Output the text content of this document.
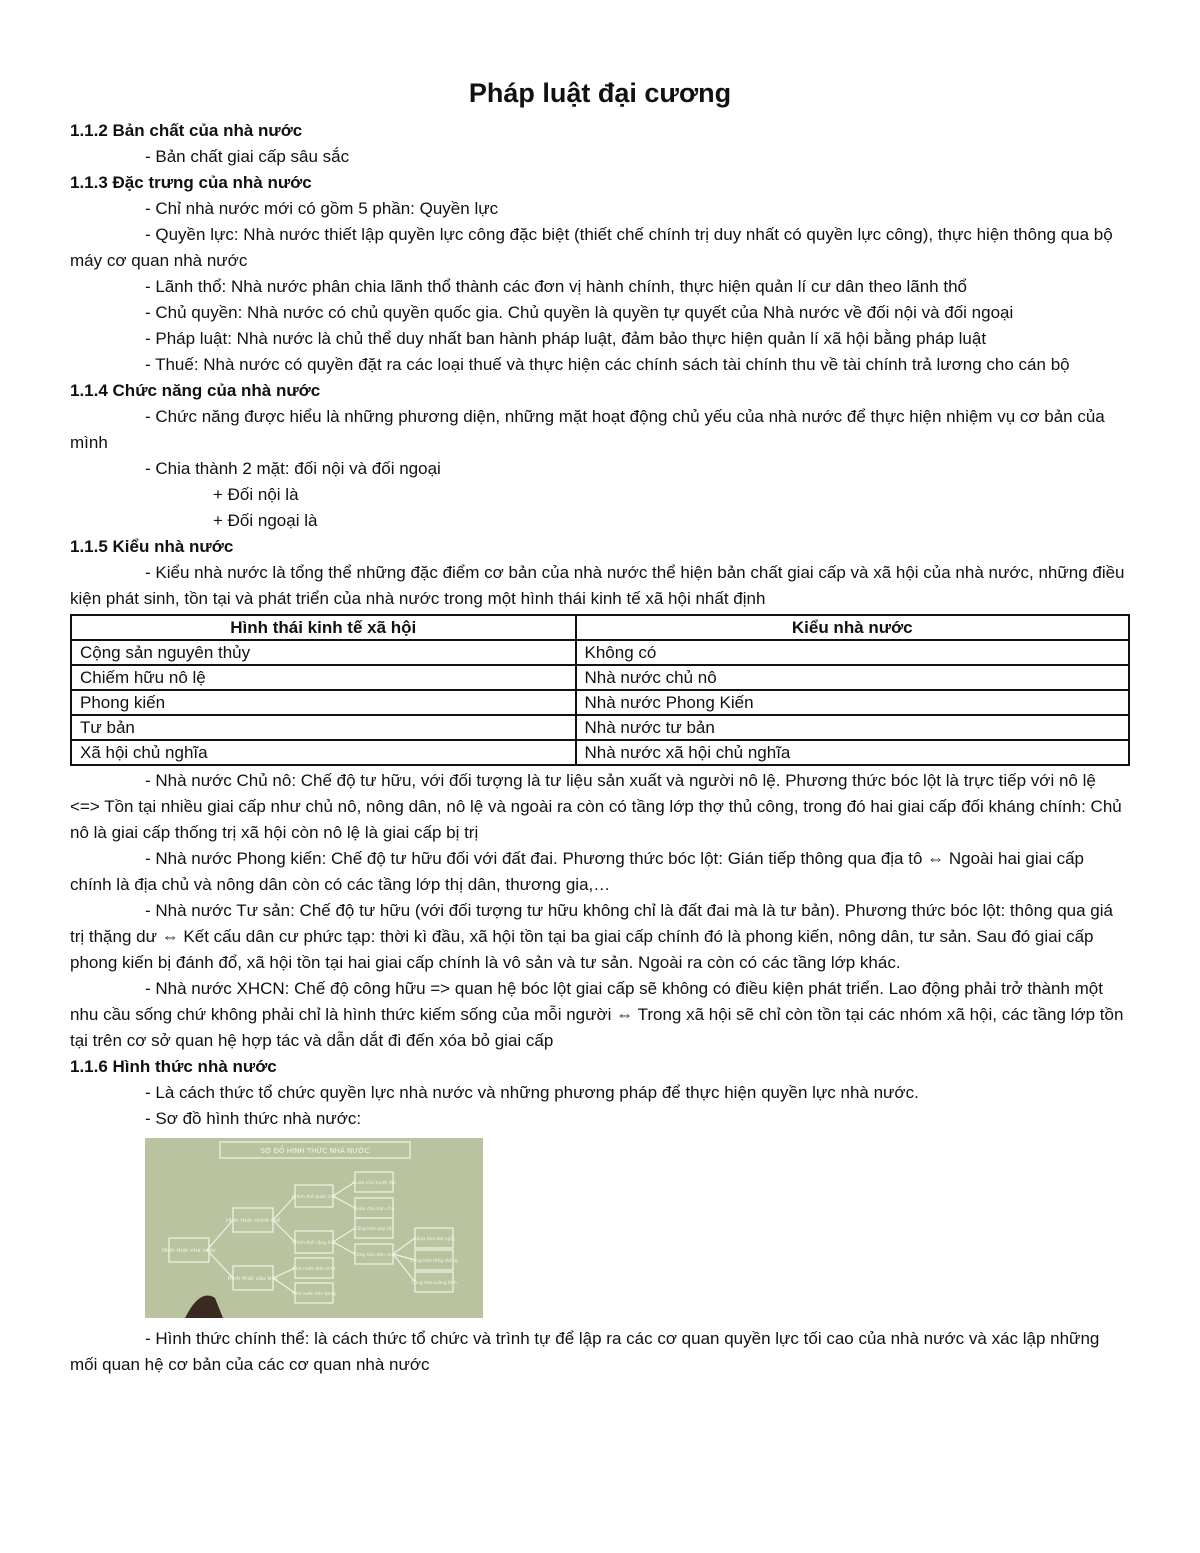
Pháp luật đại cương
1.1.2 Bản chất của nhà nước
- Bản chất giai cấp sâu sắc
1.1.3 Đặc trưng của nhà nước
- Chỉ nhà nước mới có gồm 5 phần: Quyền lực
- Quyền lực: Nhà nước thiết lập quyền lực công đặc biệt (thiết chế chính trị duy nhất có quyền lực công), thực hiện thông qua bộ máy cơ quan nhà nước
- Lãnh thổ: Nhà nước phân chia lãnh thổ thành các đơn vị hành chính, thực hiện quản lí cư dân theo lãnh thổ
- Chủ quyền: Nhà nước có chủ quyền quốc gia. Chủ quyền là quyền tự quyết của Nhà nước về đối nội và đối ngoại
- Pháp luật: Nhà nước là chủ thể duy nhất ban hành pháp luật, đảm bảo thực hiện quản lí xã hội bằng pháp luật
- Thuế: Nhà nước có quyền đặt ra các loại thuế và thực hiện các chính sách tài chính thu về tài chính trả lương cho cán bộ
1.1.4 Chức năng của nhà nước
- Chức năng được hiểu là những phương diện, những mặt hoạt động chủ yếu của nhà nước để thực hiện nhiệm vụ cơ bản của mình
- Chia thành 2 mặt: đối nội và đối ngoại
+ Đối nội là
+ Đối ngoại là
1.1.5 Kiểu nhà nước
- Kiểu nhà nước là tổng thể những đặc điểm cơ bản của nhà nước thể hiện bản chất giai cấp và xã hội của nhà nước, những điều kiện phát sinh, tồn tại và phát triển của nhà nước trong một hình thái kinh tế xã hội nhất định
Hình thái kinh tế xã hội	Kiểu nhà nước
Cộng sản nguyên thủy	Không có
Chiếm hữu nô lệ	Nhà nước chủ nô
Phong kiến	Nhà nước Phong Kiến
Tư bản	Nhà nước tư bản
Xã hội chủ nghĩa	Nhà nước xã hội chủ nghĩa
- Nhà nước Chủ nô: Chế độ tư hữu, với đối tượng là tư liệu sản xuất và người nô lệ. Phương thức bóc lột là trực tiếp với nô lệ <=> Tồn tại nhiều giai cấp như chủ nô, nông dân, nô lệ và ngoài ra còn có tầng lớp thợ thủ công, trong đó hai giai cấp đối kháng chính: Chủ nô là giai cấp thống trị xã hội còn nô lệ là giai cấp bị trị
- Nhà nước Phong kiến: Chế độ tư hữu đối với đất đai. Phương thức bóc lột: Gián tiếp thông qua địa tô ⇔ Ngoài hai giai cấp chính là địa chủ và nông dân còn có các tầng lớp thị dân, thương gia,…
- Nhà nước Tư sản: Chế độ tư hữu (với đối tượng tư hữu không chỉ là đất đai mà là tư bản). Phương thức bóc lột: thông qua giá trị thặng dư ⇔ Kết cấu dân cư phức tạp: thời kì đầu, xã hội tồn tại ba giai cấp chính đó là phong kiến, nông dân, tư sản. Sau đó giai cấp phong kiến bị đánh đổ, xã hội tồn tại hai giai cấp chính là vô sản và tư sản. Ngoài ra còn có các tầng lớp khác.
- Nhà nước XHCN: Chế độ công hữu => quan hệ bóc lột giai cấp sẽ không có điều kiện phát triển. Lao động phải trở thành một nhu cầu sống chứ không phải chỉ là hình thức kiếm sống của mỗi người ⇔ Trong xã hội sẽ chỉ còn tồn tại các nhóm xã hội, các tầng lớp tồn tại trên cơ sở quan hệ hợp tác và dẫn dắt đi đến xóa bỏ giai cấp
1.1.6 Hình thức nhà nước
- Là cách thức tổ chức quyền lực nhà nước và những phương pháp để thực hiện quyền lực nhà nước.
- Sơ đồ hình thức nhà nước:
SƠ ĐỒ HÌNH THỨC NHÀ NƯỚC
Hình thức nhà nước
Hình thức chính thể
Hình thức cấu trúc
Chính thể quân chủ
Chính thể cộng hòa
Nhà nước đơn nhất
Nhà nước liên bang
Quân chủ tuyệt đối
Quân chủ hạn chế
Cộng hòa quý tộc
Cộng hòa dân chủ
Cộng hòa đại nghị
Cộng hòa tổng thống
Cộng hòa lưỡng tính
- Hình thức chính thể: là cách thức tổ chức và trình tự để lập ra các cơ quan quyền lực tối cao của nhà nước và xác lập những mối quan hệ cơ bản của các cơ quan nhà nước
